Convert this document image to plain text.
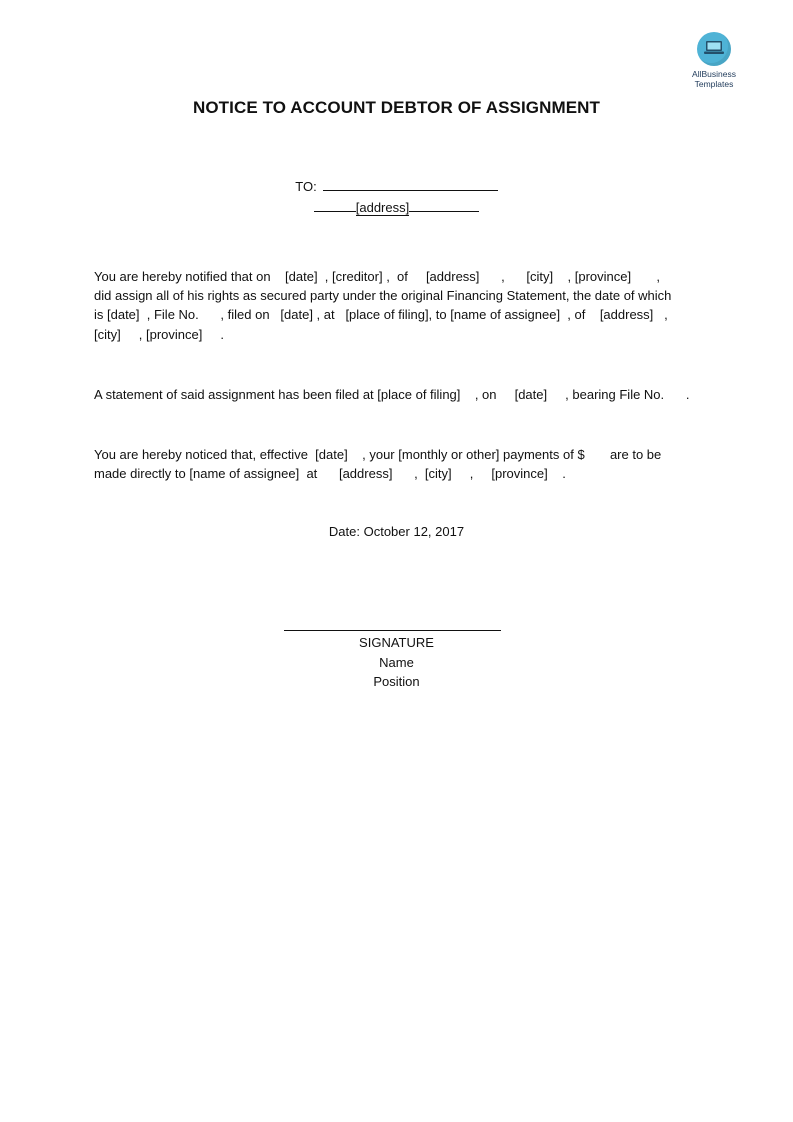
AllBusiness
Templates
NOTICE TO ACCOUNT DEBTOR OF ASSIGNMENT
TO:
[address]

You are hereby notified that on    [date]  , [creditor] ,  of     [address]      ,      [city]    , [province]       ,

did assign all of his rights as secured party under the original Financing Statement, the date of which

is [date]  , File No.      , filed on   [date] , at   [place of filing], to [name of assignee]  , of    [address]   ,

[city]     , [province]     .

A statement of said assignment has been filed at [place of filing]    , on     [date]     , bearing File No.      .

You are hereby noticed that, effective  [date]    , your [monthly or other] payments of $       are to be

made directly to [name of assignee]  at      [address]      ,  [city]     ,     [province]    .

Date: October 12, 2017
SIGNATURE
Name
Position
